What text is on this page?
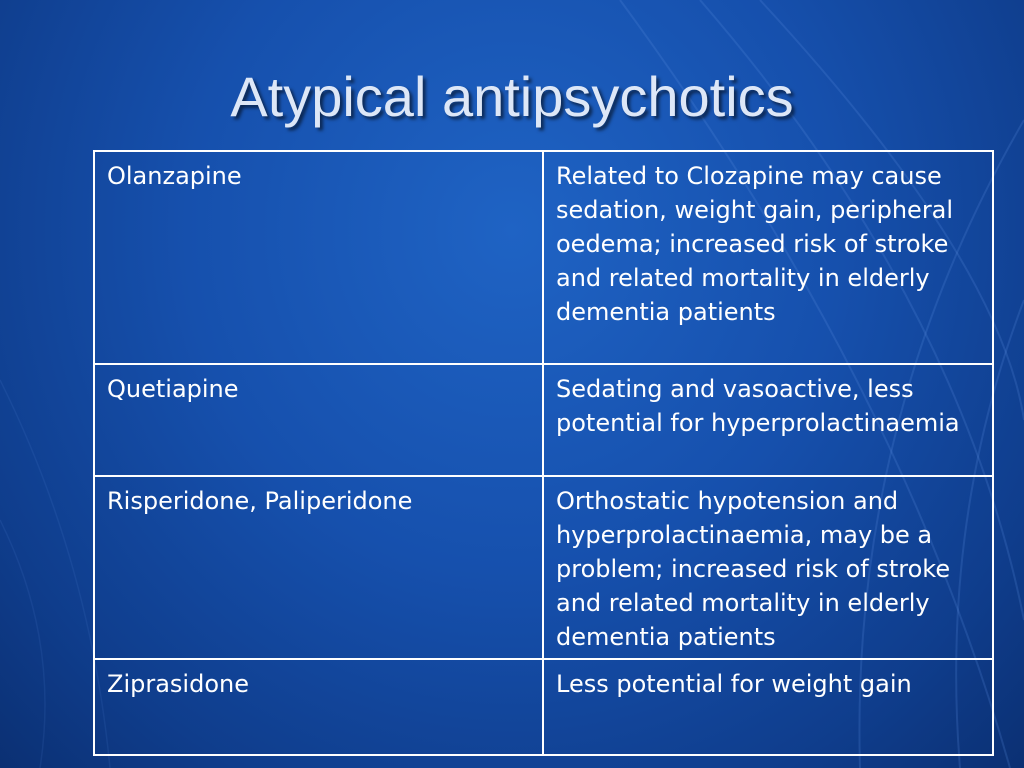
Atypical antipsychotics
Olanzapine	Related to Clozapine may cause sedation, weight gain, peripheral oedema; increased risk of stroke and related mortality in elderly dementia patients
Quetiapine	Sedating and vasoactive, less potential for hyperprolactinaemia
Risperidone, Paliperidone	Orthostatic hypotension and hyperprolactinaemia, may be a problem; increased risk of stroke and related mortality in elderly dementia patients
Ziprasidone	Less potential for weight gain
